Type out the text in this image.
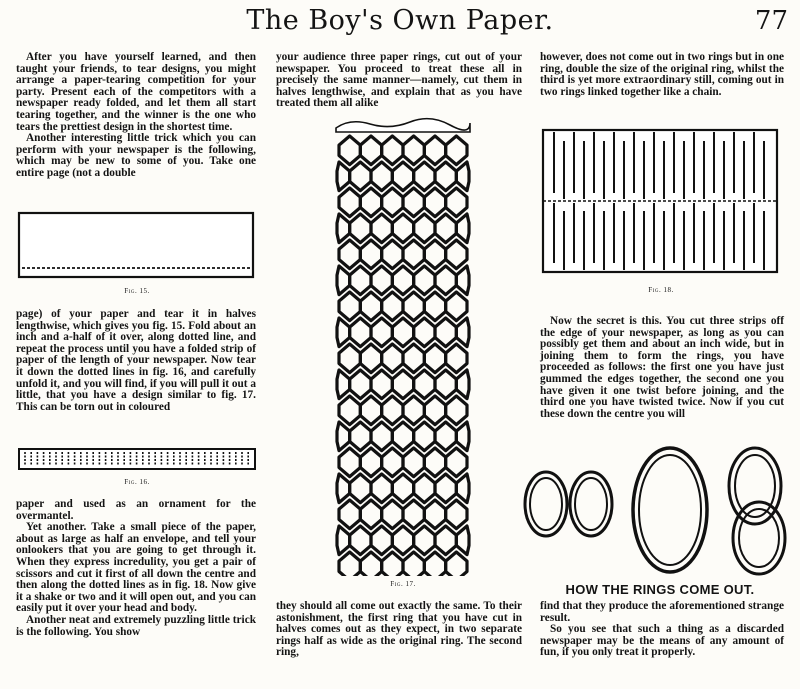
The Boy's Own Paper.	77

After you have yourself learned, and then taught your friends, to tear designs, you might arrange a paper-tearing competition for your party. Present each of the competitors with a newspaper ready folded, and let them all start tearing together, and the winner is the one who tears the prettiest design in the shortest time.

Another interesting little trick which you can perform with your newspaper is the following, which may be new to some of you. Take one entire page (not a double

Fig. 15.

page) of your paper and tear it in halves lengthwise, which gives you fig. 15. Fold about an inch and a-half of it over, along dotted line, and repeat the process until you have a folded strip of paper of the length of your newspaper. Now tear it down the dotted lines in fig. 16, and carefully unfold it, and you will find, if you will pull it out a little, that you have a design similar to fig. 17. This can be torn out in coloured

Fig. 16.

paper and used as an ornament for the overmantel.

Yet another. Take a small piece of the paper, about as large as half an envelope, and tell your onlookers that you are going to get through it. When they express incredulity, you get a pair of scissors and cut it first of all down the centre and then along the dotted lines as in fig. 18. Now give it a shake or two and it will open out, and you can easily put it over your head and body.

Another neat and extremely puzzling little trick is the following. You show

your audience three paper rings, cut out of your newspaper. You proceed to treat these all in precisely the same manner—namely, cut them in halves lengthwise, and explain that as you have treated them all alike

Fig. 17.

they should all come out exactly the same. To their astonishment, the first ring that you have cut in halves comes out as they expect, in two separate rings half as wide as the original ring. The second ring,

however, does not come out in two rings but in one ring, double the size of the original ring, whilst the third is yet more extraordinary still, coming out in two rings linked together like a chain.

Fig. 18.

Now the secret is this. You cut three strips off the edge of your newspaper, as long as you can possibly get them and about an inch wide, but in joining them to form the rings, you have proceeded as follows: the first one you have just gummed the edges together, the second one you have given it one twist before joining, and the third one you have twisted twice. Now if you cut these down the centre you will

HOW THE RINGS COME OUT.

find that they produce the aforementioned strange result.

So you see that such a thing as a discarded newspaper may be the means of any amount of fun, if you only treat it properly.
